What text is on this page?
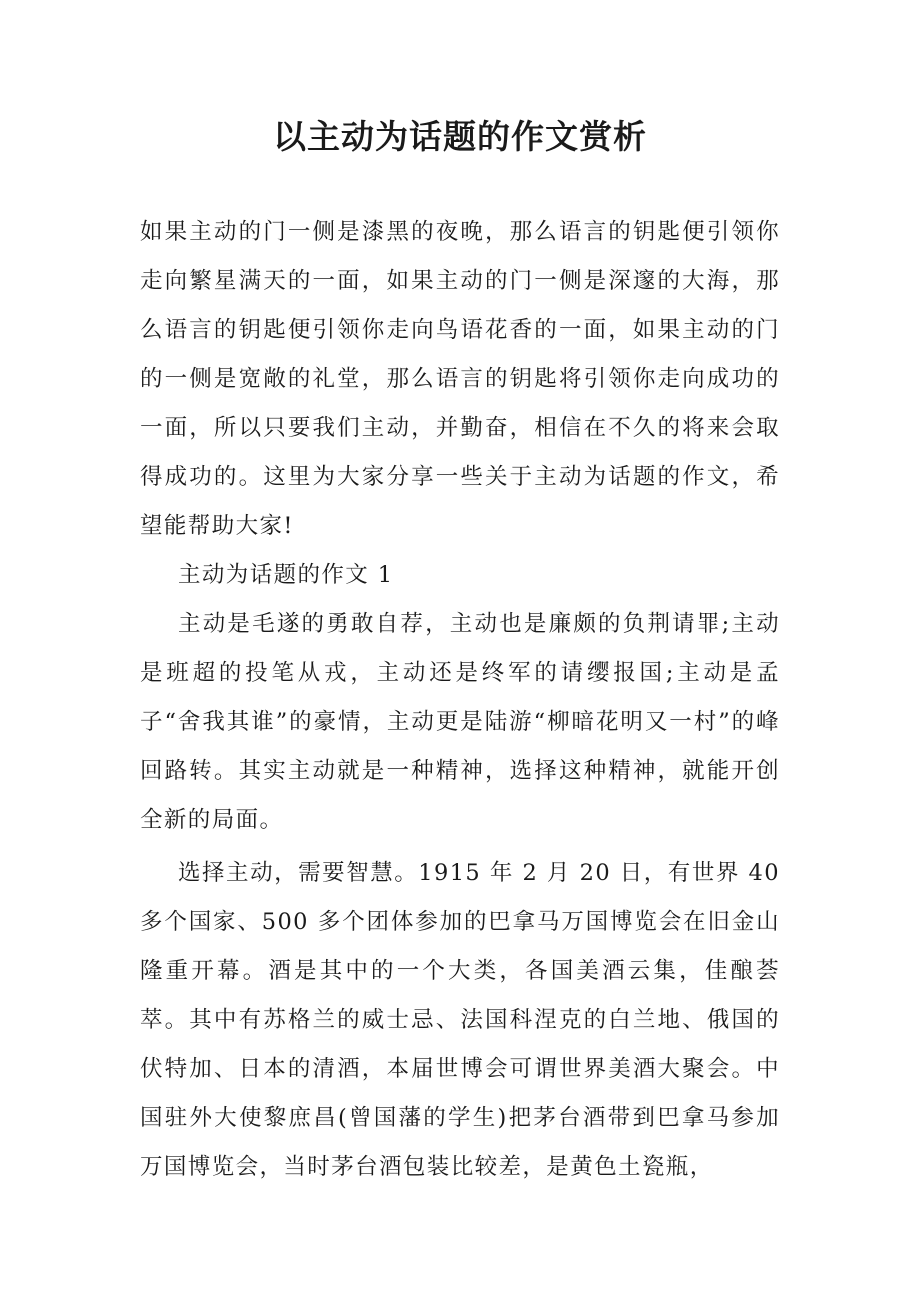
以主动为话题的作文赏析

如果主动的门一侧是漆黑的夜晚，那么语言的钥匙便引领你走向繁星满天的一面，如果主动的门一侧是深邃的大海，那么语言的钥匙便引领你走向鸟语花香的一面，如果主动的门的一侧是宽敞的礼堂，那么语言的钥匙将引领你走向成功的一面，所以只要我们主动，并勤奋，相信在不久的将来会取得成功的。这里为大家分享一些关于主动为话题的作文，希望能帮助大家!

主动为话题的作文 1

主动是毛遂的勇敢自荐，主动也是廉颇的负荆请罪;主动是班超的投笔从戎，主动还是终军的请缨报国;主动是孟子“舍我其谁”的豪情，主动更是陆游“柳暗花明又一村”的峰回路转。其实主动就是一种精神，选择这种精神，就能开创全新的局面。

选择主动，需要智慧。1915 年 2 月 20 日，有世界 40 多个国家、500 多个团体参加的巴拿马万国博览会在旧金山隆重开幕。酒是其中的一个大类，各国美酒云集，佳酿荟萃。其中有苏格兰的威士忌、法国科涅克的白兰地、俄国的伏特加、日本的清酒，本届世博会可谓世界美酒大聚会。中国驻外大使黎庶昌(曾国藩的学生)把茅台酒带到巴拿马参加万国博览会，当时茅台酒包装比较差，是黄色土瓷瓶，
